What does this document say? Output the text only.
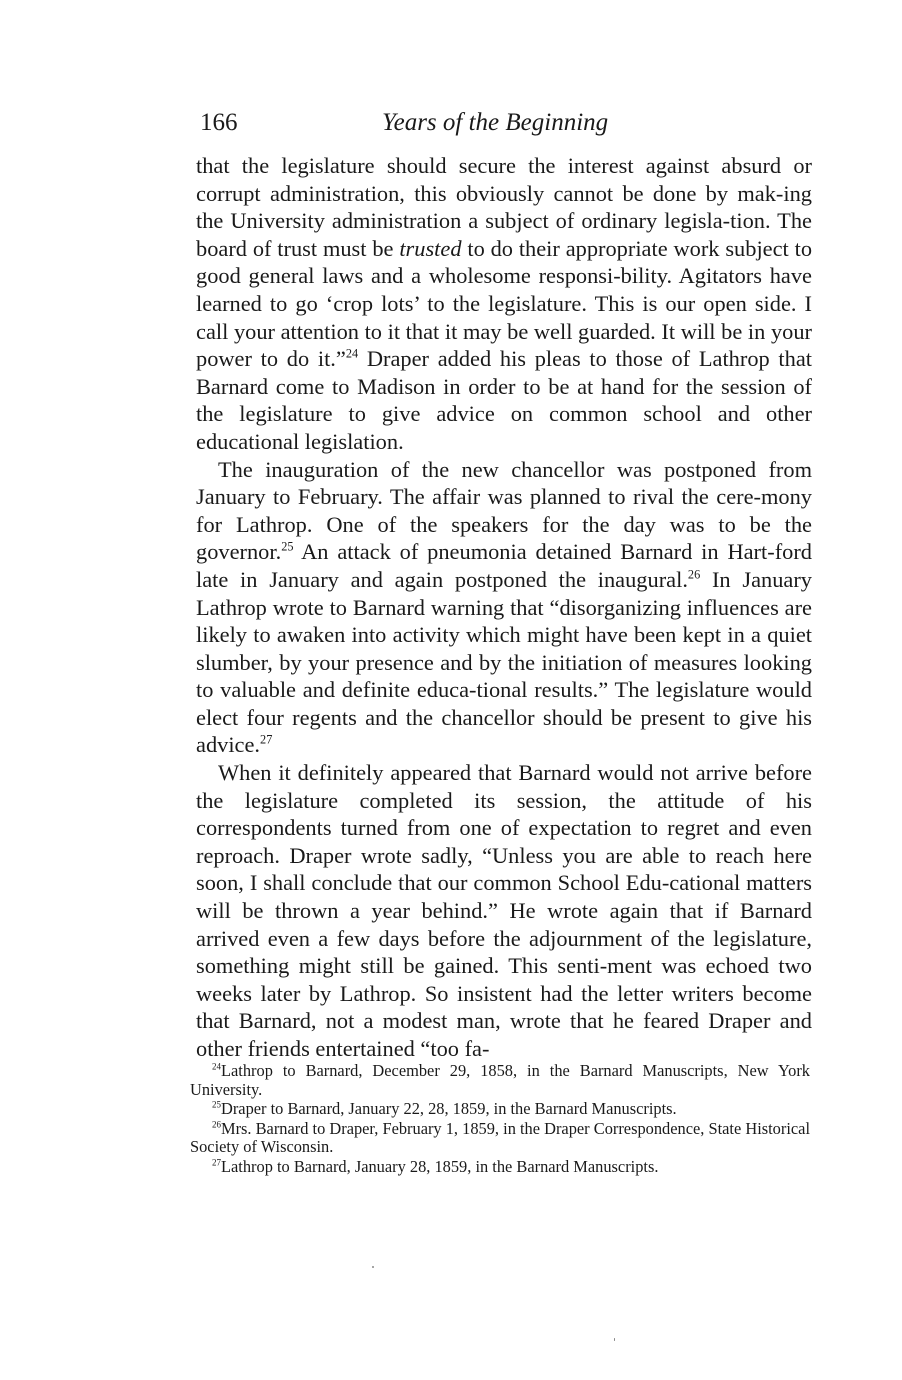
166	Years of the Beginning

that the legislature should secure the interest against absurd or corrupt administration, this obviously cannot be done by mak-ing the University administration a subject of ordinary legisla-tion. The board of trust must be trusted to do their appropriate work subject to good general laws and a wholesome responsi-bility. Agitators have learned to go ‘crop lots’ to the legislature. This is our open side. I call your attention to it that it may be well guarded. It will be in your power to do it.”$^{24}$ Draper added his pleas to those of Lathrop that Barnard come to Madison in order to be at hand for the session of the legislature to give advice on common school and other educational legislation.

The inauguration of the new chancellor was postponed from January to February. The affair was planned to rival the cere-mony for Lathrop. One of the speakers for the day was to be the governor.$^{25}$ An attack of pneumonia detained Barnard in Hart-ford late in January and again postponed the inaugural.$^{26}$ In January Lathrop wrote to Barnard warning that “disorganizing influences are likely to awaken into activity which might have been kept in a quiet slumber, by your presence and by the initiation of measures looking to valuable and definite educa-tional results.” The legislature would elect four regents and the chancellor should be present to give his advice.$^{27}$

When it definitely appeared that Barnard would not arrive before the legislature completed its session, the attitude of his correspondents turned from one of expectation to regret and even reproach. Draper wrote sadly, “Unless you are able to reach here soon, I shall conclude that our common School Edu-cational matters will be thrown a year behind.” He wrote again that if Barnard arrived even a few days before the adjournment of the legislature, something might still be gained. This senti-ment was echoed two weeks later by Lathrop. So insistent had the letter writers become that Barnard, not a modest man, wrote that he feared Draper and other friends entertained “too fa-

$^{24}$Lathrop to Barnard, December 29, 1858, in the Barnard Manuscripts, New York University.

$^{25}$Draper to Barnard, January 22, 28, 1859, in the Barnard Manuscripts.

$^{26}$Mrs. Barnard to Draper, February 1, 1859, in the Draper Correspondence, State Historical Society of Wisconsin.

$^{27}$Lathrop to Barnard, January 28, 1859, in the Barnard Manuscripts.
